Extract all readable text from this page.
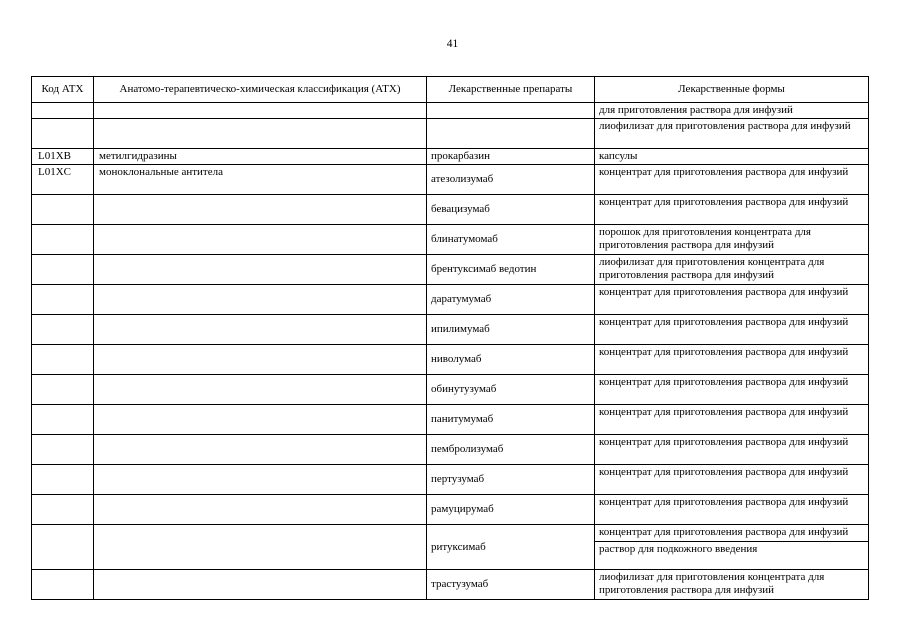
41
Код АТХ	Анатомо-терапевтическо-химическая классификация (АТХ)	Лекарственные препараты	Лекарственные формы

			для приготовления раствора для инфузий

			лиофилизат для приготовления раствора для инфузий

L01XB	метилгидразины	прокарбазин	капсулы

L01XC	моноклональные антитела	атезолизумаб	концентрат для приготовления раствора для инфузий

		бевацизумаб	концентрат для приготовления раствора для инфузий

		блинатумомаб	порошок для приготовления концентрата для приготовления раствора для инфузий

		брентуксимаб ведотин	лиофилизат для приготовления концентрата для приготовления раствора для инфузий

		даратумумаб	концентрат для приготовления раствора для инфузий

		ипилимумаб	концентрат для приготовления раствора для инфузий

		ниволумаб	концентрат для приготовления раствора для инфузий

		обинутузумаб	концентрат для приготовления раствора для инфузий

		панитумумаб	концентрат для приготовления раствора для инфузий

		пембролизумаб	концентрат для приготовления раствора для инфузий

		пертузумаб	концентрат для приготовления раствора для инфузий

		рамуцирумаб	концентрат для приготовления раствора для инфузий

		ритуксимаб	концентрат для приготовления раствора для инфузий
раствор для подкожного введения

		трастузумаб	лиофилизат для приготовления концентрата для приготовления раствора для инфузий
